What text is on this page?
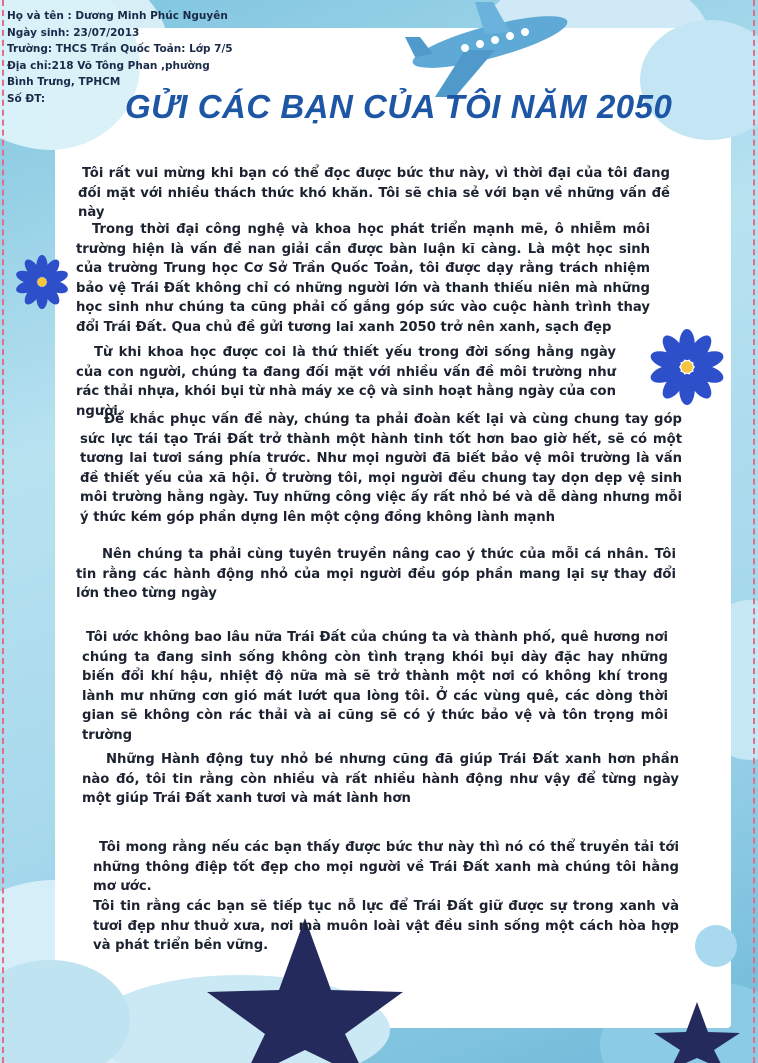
Họ và tên : Dương Minh Phúc Nguyên
Ngày sinh: 23/07/2013
Trường: THCS Trần Quốc Toản: Lớp 7/5
Địa chỉ:218 Võ Tông Phan ,phường
Bình Trưng, TPHCM
Số ĐT:	GỬI CÁC BẠN CỦA TÔI NĂM 2050
Tôi rất vui mừng khi bạn có thể đọc được bức thư này, vì thời đại của tôi đang đối mặt với nhiều thách thức khó khăn. Tôi sẽ chia sẻ với bạn về những vấn đề này
Trong thời đại công nghệ và khoa học phát triển mạnh mẽ, ô nhiễm môi trường hiện là vấn đề nan giải cần được bàn luận kĩ càng. Là một học sinh của trường Trung học Cơ Sở Trần Quốc Toản, tôi được dạy rằng trách nhiệm bảo vệ Trái Đất không chỉ có những người lớn và thanh thiếu niên mà những học sinh như chúng ta cũng phải cố gắng góp sức vào cuộc hành trình thay đổi Trái Đất. Qua chủ đề gửi tương lai xanh 2050 trở nên xanh, sạch đẹp
Từ khi khoa học được coi là thứ thiết yếu trong đời sống hằng ngày của con người, chúng ta đang đối mặt với nhiều vấn đề môi trường như rác thải nhựa, khói bụi từ nhà máy xe cộ và sinh hoạt hằng ngày của con người.
Để khắc phục vấn đề này, chúng ta phải đoàn kết lại và cùng chung tay góp sức lực tái tạo Trái Đất trở thành một hành tinh tốt hơn bao giờ hết, sẽ có một tương lai tươi sáng phía trước. Như mọi người đã biết bảo vệ môi trường là vấn đề thiết yếu của xã hội. Ở trường tôi, mọi người đều chung tay dọn dẹp vệ sinh môi trường hằng ngày. Tuy những công việc ấy rất nhỏ bé và dễ dàng nhưng mỗi ý thức kém góp phần dựng lên một cộng đồng không lành mạnh
Nên chúng ta phải cùng tuyên truyền nâng cao ý thức của mỗi cá nhân. Tôi tin rằng các hành động nhỏ của mọi người đều góp phần mang lại sự thay đổi lớn theo từng ngày
Tôi ước không bao lâu nữa Trái Đất của chúng ta và thành phố, quê hương nơi chúng ta đang sinh sống không còn tình trạng khói bụi dày đặc hay những biến đổi khí hậu, nhiệt độ nữa mà sẽ trở thành một nơi có không khí trong lành mư những cơn gió mát lướt qua lòng tôi. Ở các vùng quê, các dòng thời gian sẽ không còn rác thải và ai cũng sẽ có ý thức bảo vệ và tôn trọng môi trường
Những Hành động tuy nhỏ bé nhưng cũng đã giúp Trái Đất xanh hơn phần nào đó, tôi tin rằng còn nhiều và rất nhiều hành động như vậy để từng ngày một giúp Trái Đất xanh tươi và mát lành hơn
Tôi mong rằng nếu các bạn thấy được bức thư này thì nó có thể truyền tải tới những thông điệp tốt đẹp cho mọi người về Trái Đất xanh mà chúng tôi hằng mơ ước.
Tôi tin rằng các bạn sẽ tiếp tục nỗ lực để Trái Đất giữ được sự trong xanh và tươi đẹp như thuở xưa, nơi mà muôn loài vật đều sinh sống một cách hòa hợp và phát triển bền vững.
